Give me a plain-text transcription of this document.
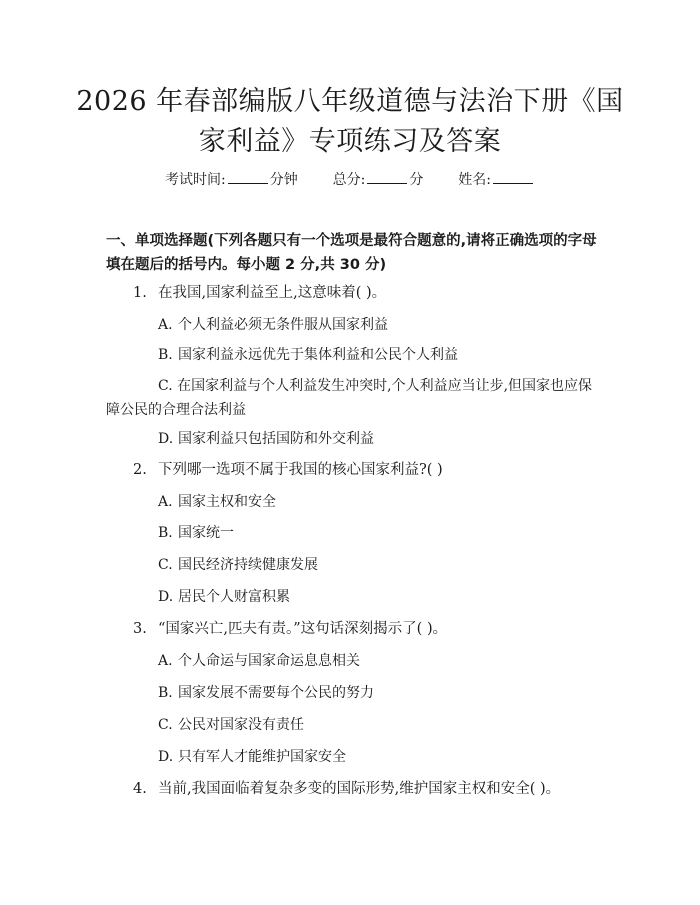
2026 年春部编版八年级道德与法治下册《国
家利益》专项练习及答案
考试时间:	分钟 总分:	分 姓名:
一、单项选择题(下列各题只有一个选项是最符合题意的,请将正确选项的字母填在题后的括号内。每小题 2 分,共 30 分)
1. 在我国,国家利益至上,这意味着( )。
A. 个人利益必须无条件服从国家利益
B. 国家利益永远优先于集体利益和公民个人利益
C. 在国家利益与个人利益发生冲突时,个人利益应当让步,但国家也应保障公民的合理合法利益
D. 国家利益只包括国防和外交利益
2. 下列哪一选项不属于我国的核心国家利益?( )
A. 国家主权和安全
B. 国家统一
C. 国民经济持续健康发展
D. 居民个人财富积累
3. “国家兴亡,匹夫有责。”这句话深刻揭示了( )。
A. 个人命运与国家命运息息相关
B. 国家发展不需要每个公民的努力
C. 公民对国家没有责任
D. 只有军人才能维护国家安全
4. 当前,我国面临着复杂多变的国际形势,维护国家主权和安全( )。
